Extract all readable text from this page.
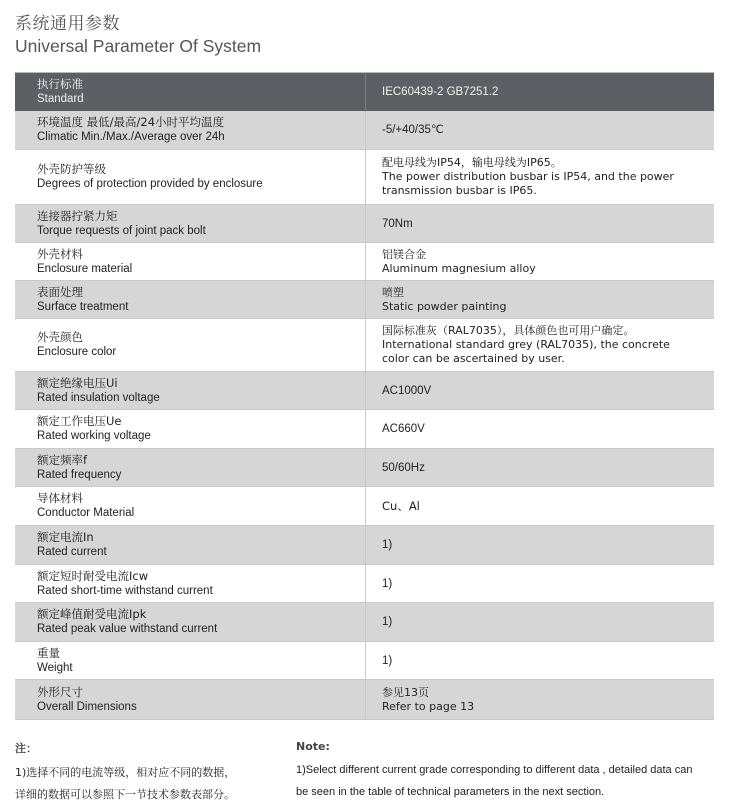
系统通用参数
Universal Parameter Of System
执行标准
Standard
IEC60439-2 GB7251.2
环境温度 最低/最高/24小时平均温度
Climatic Min./Max./Average over 24h
-5/+40/35℃
外壳防护等级
Degrees of protection provided by enclosure
配电母线为IP54，输电母线为IP65。
The power distribution busbar is IP54, and the power
transmission busbar is IP65.
连接器拧紧力矩
Torque requests of joint pack bolt
70Nm
外壳材料
Enclosure material
铝镁合金
Aluminum magnesium alloy
表面处理
Surface treatment
喷塑
Static powder painting
外壳颜色
Enclosure color
国际标准灰（RAL7035），具体颜色也可用户确定。
International standard grey (RAL7035), the concrete
color can be ascertained by user.
额定绝缘电压Ui
Rated insulation voltage
AC1000V
额定工作电压Ue
Rated working voltage
AC660V
额定频率f
Rated frequency
50/60Hz
导体材料
Conductor Material	Cu、Al
额定电流In
Rated current
1)
额定短时耐受电流Icw
Rated short-time withstand current
1)
额定峰值耐受电流Ipk
Rated peak value withstand current
1)
重量
Weight
1)
外形尺寸
Overall Dimensions
参见13页
Refer to page 13
注：
1)选择不同的电流等级，相对应不同的数据，
详细的数据可以参照下一节技术参数表部分。
Note:
1)Select different current grade corresponding to different data , detailed data can
be seen in the table of technical parameters in the next section.
